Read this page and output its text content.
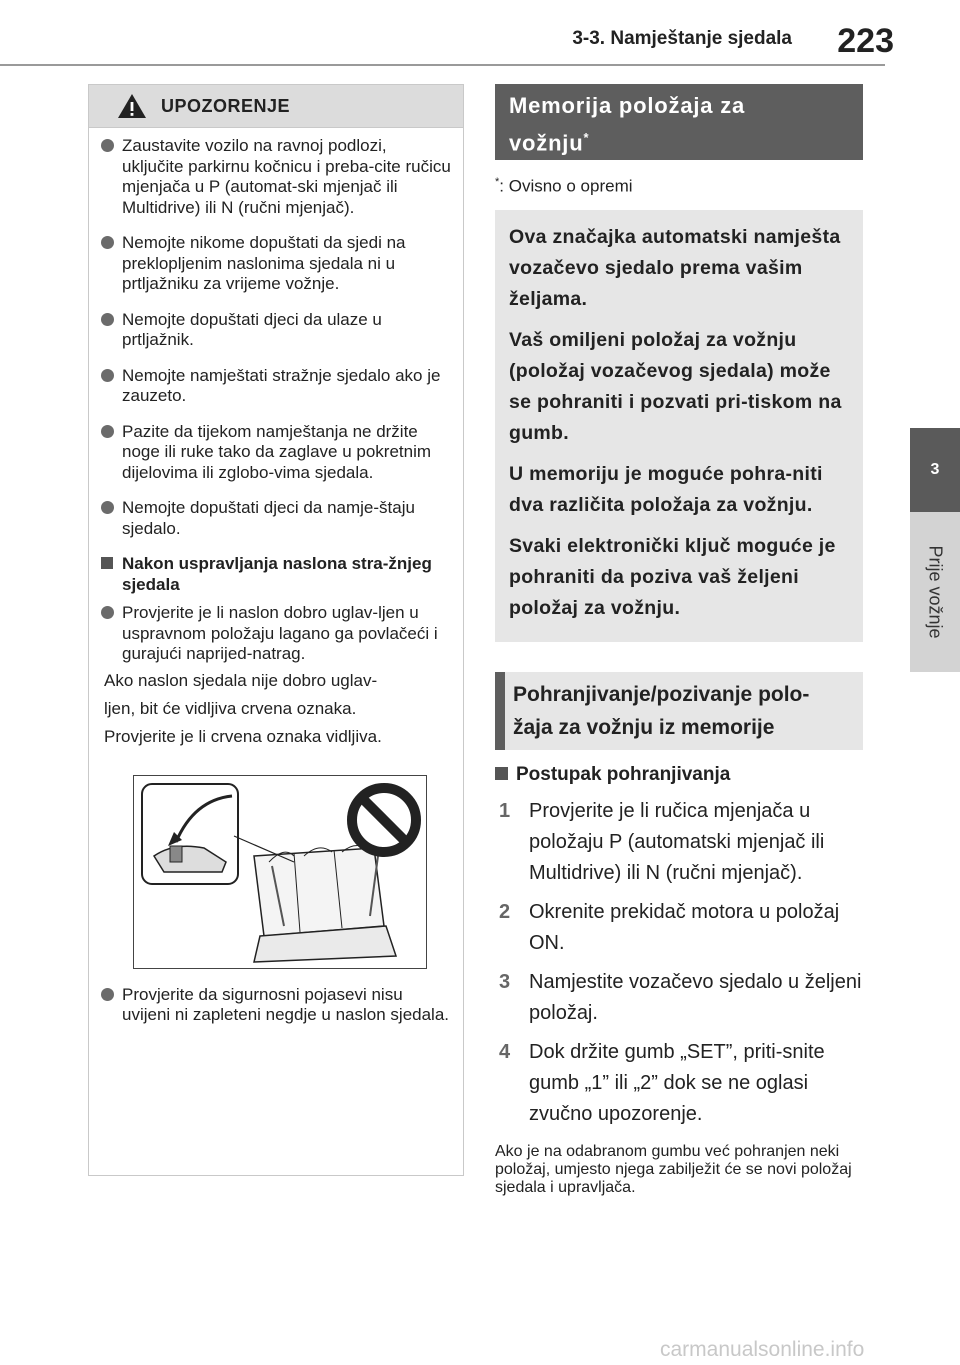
3-3. Namještanje sjedala 223
3
Prije vožnje
UPOZORENJE
Zaustavite vozilo na ravnoj podlozi, uključite parkirnu kočnicu i preba-cite ručicu mjenjača u P (automat-ski mjenjač ili Multidrive) ili N (ručni mjenjač).
Nemojte nikome dopuštati da sjedi na preklopljenim naslonima sjedala ni u prtljažniku za vrijeme vožnje.
Nemojte dopuštati djeci da ulaze u prtljažnik.
Nemojte namještati stražnje sjedalo ako je zauzeto.
Pazite da tijekom namještanja ne držite noge ili ruke tako da zaglave u pokretnim dijelovima ili zglobo-vima sjedala.
Nemojte dopuštati djeci da namje-štaju sjedalo.
Nakon uspravljanja naslona stra-žnjeg sjedala
Provjerite je li naslon dobro uglav-ljen u uspravnom položaju lagano ga povlačeći i gurajući naprijed-natrag.

Ako naslon sjedala nije dobro uglav-

ljen, bit će vidljiva crvena oznaka.

Provjerite je li crvena oznaka vidljiva.

Provjerite da sigurnosni pojasevi nisu uvijeni ni zapleteni negdje u naslon sjedala.
Memorija položaja za
vožnju*
*: Ovisno o opremi

Ova značajka automatski namješta vozačevo sjedalo prema vašim željama.

Vaš omiljeni položaj za vožnju (položaj vozačevog sjedala) može se pohraniti i pozvati pri-tiskom na gumb.

U memoriju je moguće pohra-niti dva različita položaja za vožnju.

Svaki elektronički ključ moguće je pohraniti da poziva vaš željeni položaj za vožnju.

Pohranjivanje/pozivanje polo-
žaja za vožnju iz memorije
Postupak pohranjivanja
1 Provjerite je li ručica mjenjača u položaju P (automatski mjenjač ili Multidrive) ili N (ručni mjenjač).
2 Okrenite prekidač motora u položaj ON.
3 Namjestite vozačevo sjedalo u željeni položaj.
4 Dok držite gumb „SET”, priti-snite gumb „1” ili „2” dok se ne oglasi zvučno upozorenje.
Ako je na odabranom gumbu već pohranjen neki položaj, umjesto njega zabilježit će se novi položaj sjedala i upravljača.
carmanualsonline.info
